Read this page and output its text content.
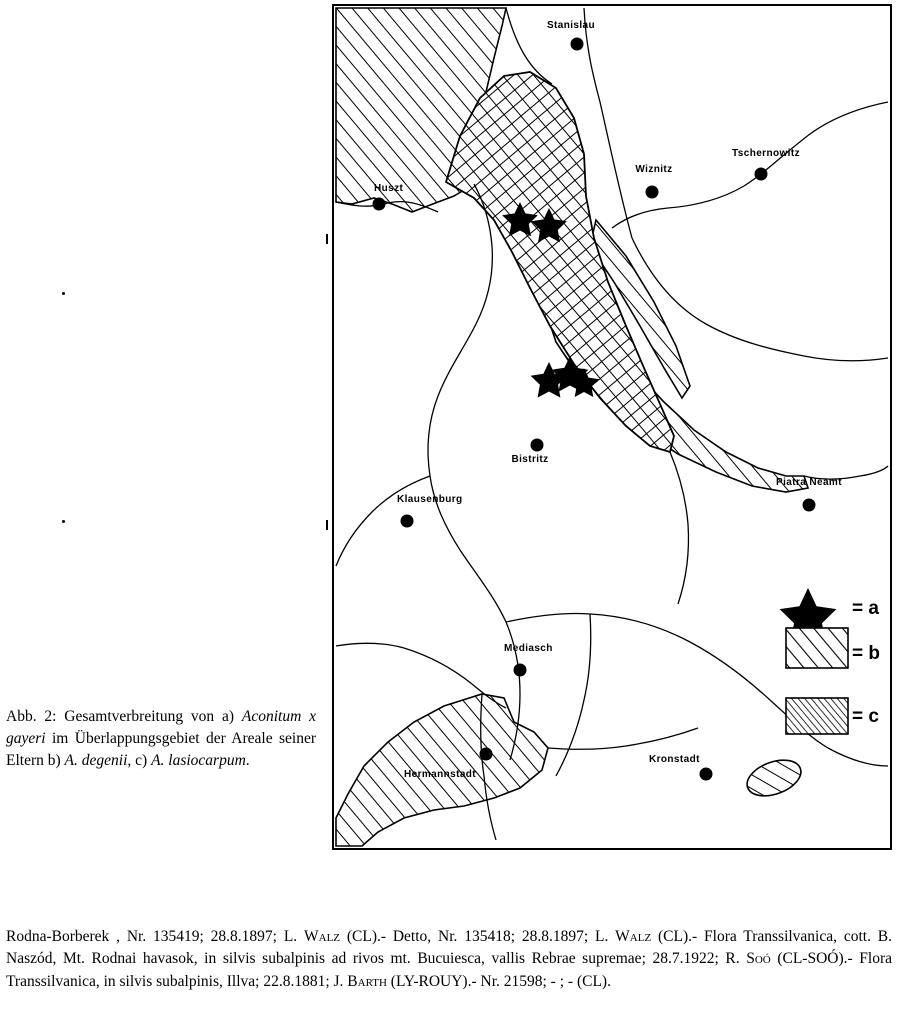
Stanislau
Wiznitz
Tschernowitz
Huszt
Bistritz
Piatra Neamt
Klausenburg
Mediasch
Hermannstadt
Kronstadt
= a
= b
= c
Abb. 2: Gesamtverbreitung von a) Aconitum x gayeri im Überlappungsgebiet der Areale seiner Eltern b) A. degenii, c) A. lasiocarpum.
Rodna-Borberek , Nr. 135419; 28.8.1897; L. Walz (CL).- Detto, Nr. 135418; 28.8.1897; L. Walz (CL).- Flora Transsilvanica, cott. B. Naszód, Mt. Rodnai havasok, in silvis subalpinis ad rivos mt. Bucuiesca, vallis Rebrae supremae; 28.7.1922; R. Soó (CL-SOÓ).- Flora Transsilvanica, in silvis subalpinis, Illva; 22.8.1881; J. Barth (LY-ROUY).- Nr. 21598; - ; - (CL).
